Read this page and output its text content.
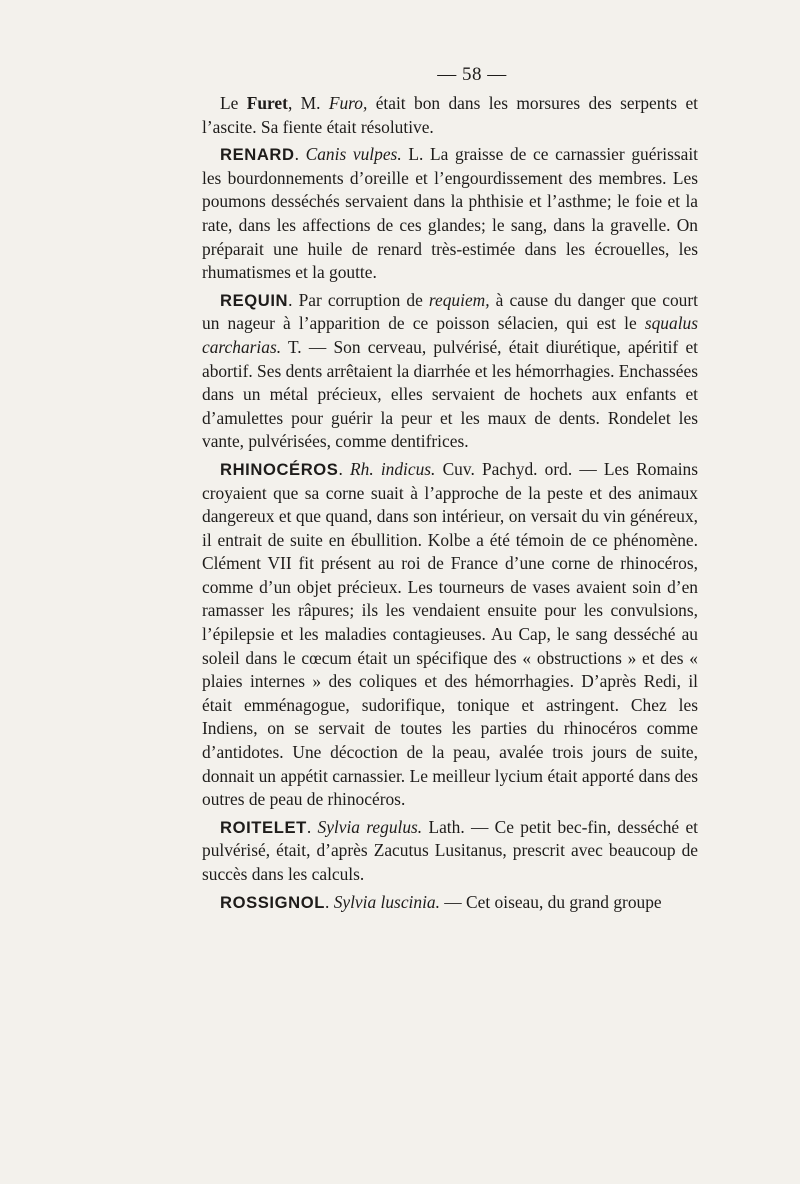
— 58 —

Le Furet, M. Furo, était bon dans les morsures des serpents et l’ascite. Sa fiente était résolutive.

RENARD. Canis vulpes. L. La graisse de ce carnassier guérissait les bourdonnements d’oreille et l’engourdissement des membres. Les poumons desséchés servaient dans la phthisie et l’asthme; le foie et la rate, dans les affections de ces glandes; le sang, dans la gravelle. On préparait une huile de renard très-estimée dans les écrouelles, les rhumatismes et la goutte.

REQUIN. Par corruption de requiem, à cause du danger que court un nageur à l’apparition de ce poisson sélacien, qui est le squalus carcharias. T. — Son cerveau, pulvérisé, était diurétique, apéritif et abortif. Ses dents arrêtaient la diarrhée et les hémorrhagies. Enchassées dans un métal précieux, elles servaient de hochets aux enfants et d’amulettes pour guérir la peur et les maux de dents. Rondelet les vante, pulvérisées, comme dentifrices.

RHINOCÉROS. Rh. indicus. Cuv. Pachyd. ord. — Les Romains croyaient que sa corne suait à l’approche de la peste et des animaux dangereux et que quand, dans son intérieur, on versait du vin généreux, il entrait de suite en ébullition. Kolbe a été témoin de ce phénomène. Clément VII fit présent au roi de France d’une corne de rhinocéros, comme d’un objet précieux. Les tourneurs de vases avaient soin d’en ramasser les râpures; ils les vendaient ensuite pour les convulsions, l’épilepsie et les maladies contagieuses. Au Cap, le sang desséché au soleil dans le cœcum était un spécifique des « obstructions » et des « plaies internes » des coliques et des hémorrhagies. D’après Redi, il était emménagogue, sudorifique, tonique et astringent. Chez les Indiens, on se servait de toutes les parties du rhinocéros comme d’antidotes. Une décoction de la peau, avalée trois jours de suite, donnait un appétit carnassier. Le meilleur lycium était apporté dans des outres de peau de rhinocéros.

ROITELET. Sylvia regulus. Lath. — Ce petit bec-fin, desséché et pulvérisé, était, d’après Zacutus Lusitanus, prescrit avec beaucoup de succès dans les calculs.

ROSSIGNOL. Sylvia luscinia. — Cet oiseau, du grand groupe
